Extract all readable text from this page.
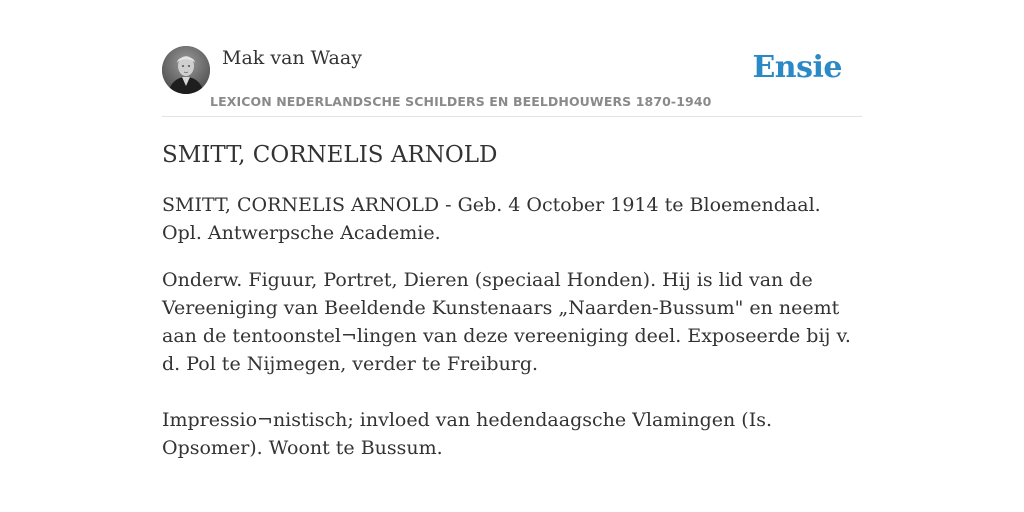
Mak van Waay
LEXICON NEDERLANDSCHE SCHILDERS EN BEELDHOUWERS 1870-1940
Ensie
SMITT, CORNELIS ARNOLD

SMITT, CORNELIS ARNOLD - Geb. 4 October 1914 te Bloemendaal. Opl. Antwerpsche Academie.

Onderw. Figuur, Portret, Dieren (speciaal Honden). Hij is lid van de Vereeniging van Beeldende Kunstenaars „Naarden-Bussum" en neemt aan de tentoonstel¬lingen van deze vereeniging deel. Exposeerde bij v. d. Pol te Nijmegen, verder te Freiburg.

Impressio¬nistisch; invloed van hedendaagsche Vlamingen (Is. Opsomer). Woont te Bussum.
